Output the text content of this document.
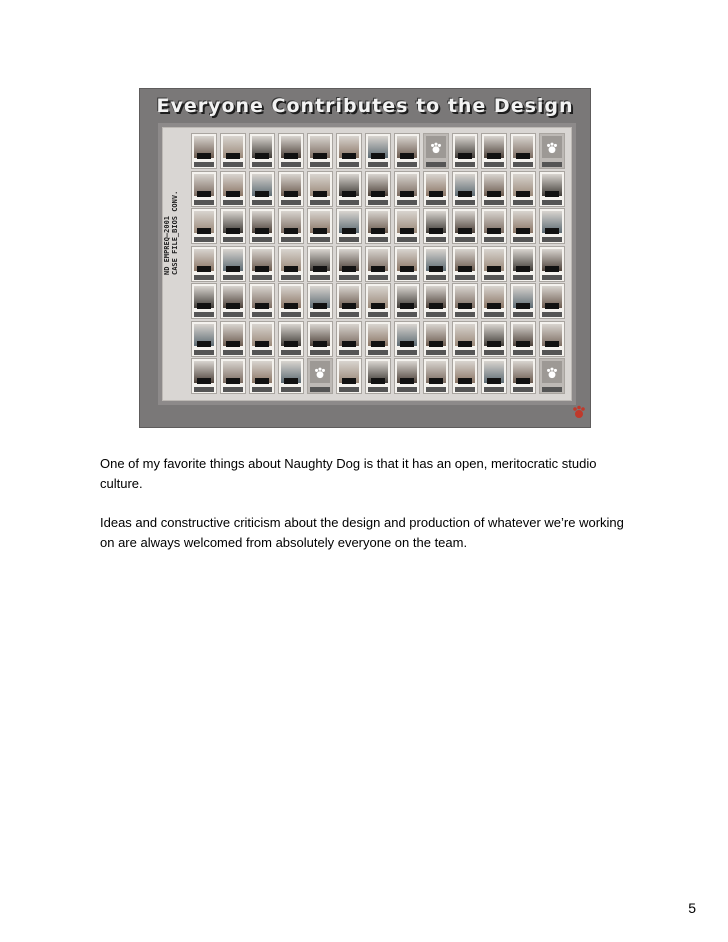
Everyone Contributes to the Design
ND EMPREQ–2001 CASE FILE_BIOS CONV.

One of my favorite things about Naughty Dog is that it has an open, meritocratic studio culture.

Ideas and constructive criticism about the design and production of whatever we’re working on are always welcomed from absolutely everyone on the team.

5
